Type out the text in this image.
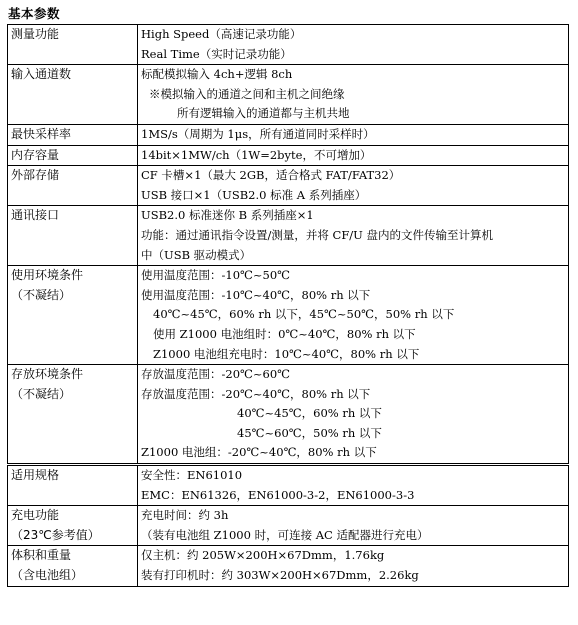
基本参数
测量功能	High Speed（高速记录功能）
Real Time（实时记录功能）

输入通道数	标配模拟输入 4ch+逻辑 8ch
※模拟输入的通道之间和主机之间绝缘
所有逻辑输入的通道都与主机共地

最快采样率	1MS/s（周期为 1μs，所有通道同时采样时）

内存容量	14bit×1MW/ch（1W=2byte，不可增加）

外部存储	CF 卡槽×1（最大 2GB，适合格式 FAT/FAT32）
USB 接口×1（USB2.0 标准 A 系列插座）

通讯接口	USB2.0 标准迷你 B 系列插座×1
功能：通过通讯指令设置/测量，并将 CF/U 盘内的文件传输至计算机
中（USB 驱动模式）

使用环境条件
（不凝结）	使用温度范围：-10℃~50℃
使用温度范围：-10℃~40℃，80% rh 以下
40℃~45℃，60% rh 以下，45℃~50℃，50% rh 以下
使用 Z1000 电池组时：0℃~40℃，80% rh 以下
Z1000 电池组充电时：10℃~40℃，80% rh 以下

存放环境条件
（不凝结）	存放温度范围：-20℃~60℃
存放温度范围：-20℃~40℃，80% rh 以下
40℃~45℃，60% rh 以下
45℃~60℃，50% rh 以下
Z1000 电池组：-20℃~40℃，80% rh 以下

适用规格	安全性：EN61010
EMC：EN61326，EN61000-3-2，EN61000-3-3

充电功能
（23℃参考值）	充电时间：约 3h
（装有电池组 Z1000 时，可连接 AC 适配器进行充电）

体积和重量
（含电池组）	仅主机：约 205W×200H×67Dmm，1.76kg
装有打印机时：约 303W×200H×67Dmm，2.26kg
